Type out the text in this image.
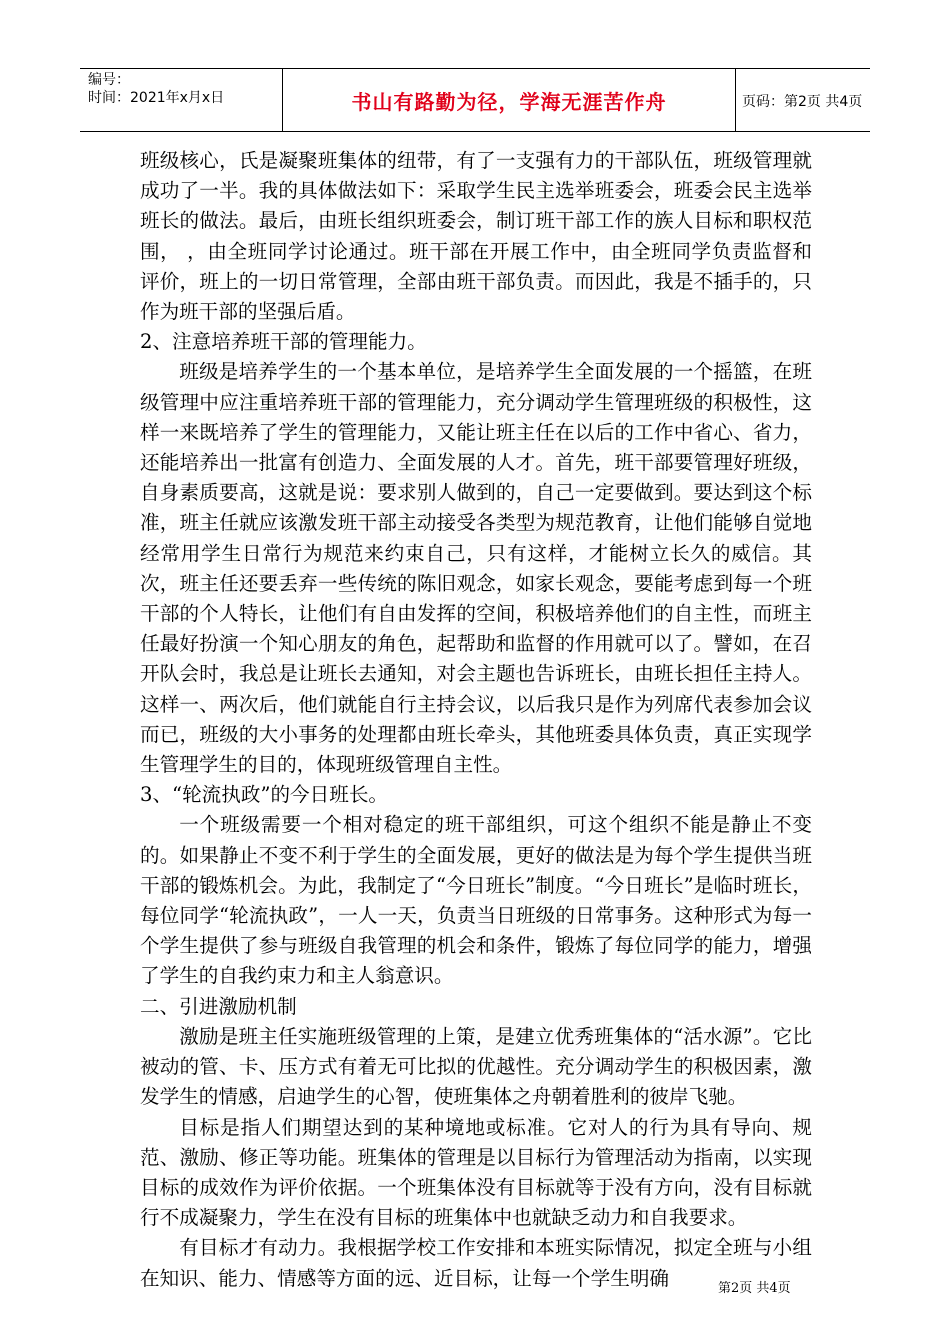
编号：
时间：2021年x月x日	书山有路勤为径，学海无涯苦作舟	页码：第2页 共4页

班级核心，氏是凝聚班集体的纽带，有了一支强有力的干部队伍，班级管理就成功了一半。我的具体做法如下：采取学生民主选举班委会，班委会民主选举班长的做法。最后，由班长组织班委会，制订班干部工作的族人目标和职权范围， ，由全班同学讨论通过。班干部在开展工作中，由全班同学负责监督和评价，班上的一切日常管理，全部由班干部负责。而因此，我是不插手的，只作为班干部的坚强后盾。

2、注意培养班干部的管理能力。

班级是培养学生的一个基本单位，是培养学生全面发展的一个摇篮，在班级管理中应注重培养班干部的管理能力，充分调动学生管理班级的积极性，这样一来既培养了学生的管理能力，又能让班主任在以后的工作中省心、省力，还能培养出一批富有创造力、全面发展的人才。首先，班干部要管理好班级，自身素质要高，这就是说：要求别人做到的，自己一定要做到。要达到这个标准，班主任就应该激发班干部主动接受各类型为规范教育，让他们能够自觉地经常用学生日常行为规范来约束自己，只有这样，才能树立长久的威信。其次，班主任还要丢弃一些传统的陈旧观念，如家长观念，要能考虑到每一个班干部的个人特长，让他们有自由发挥的空间，积极培养他们的自主性，而班主任最好扮演一个知心朋友的角色，起帮助和监督的作用就可以了。譬如，在召开队会时，我总是让班长去通知，对会主题也告诉班长，由班长担任主持人。这样一、两次后，他们就能自行主持会议，以后我只是作为列席代表参加会议而已，班级的大小事务的处理都由班长牵头，其他班委具体负责，真正实现学生管理学生的目的，体现班级管理自主性。

3、“轮流执政”的今日班长。

一个班级需要一个相对稳定的班干部组织，可这个组织不能是静止不变的。如果静止不变不利于学生的全面发展，更好的做法是为每个学生提供当班干部的锻炼机会。为此，我制定了“今日班长”制度。“今日班长”是临时班长，每位同学“轮流执政”，一人一天，负责当日班级的日常事务。这种形式为每一个学生提供了参与班级自我管理的机会和条件，锻炼了每位同学的能力，增强了学生的自我约束力和主人翁意识。

二、引进激励机制

激励是班主任实施班级管理的上策，是建立优秀班集体的“活水源”。它比被动的管、卡、压方式有着无可比拟的优越性。充分调动学生的积极因素，激发学生的情感，启迪学生的心智，使班集体之舟朝着胜利的彼岸飞驰。

目标是指人们期望达到的某种境地或标准。它对人的行为具有导向、规范、激励、修正等功能。班集体的管理是以目标行为管理活动为指南，以实现目标的成效作为评价依据。一个班集体没有目标就等于没有方向，没有目标就行不成凝聚力，学生在没有目标的班集体中也就缺乏动力和自我要求。

有目标才有动力。我根据学校工作安排和本班实际情况，拟定全班与小组在知识、能力、情感等方面的远、近目标，让每一个学生明确	第2页 共4页
